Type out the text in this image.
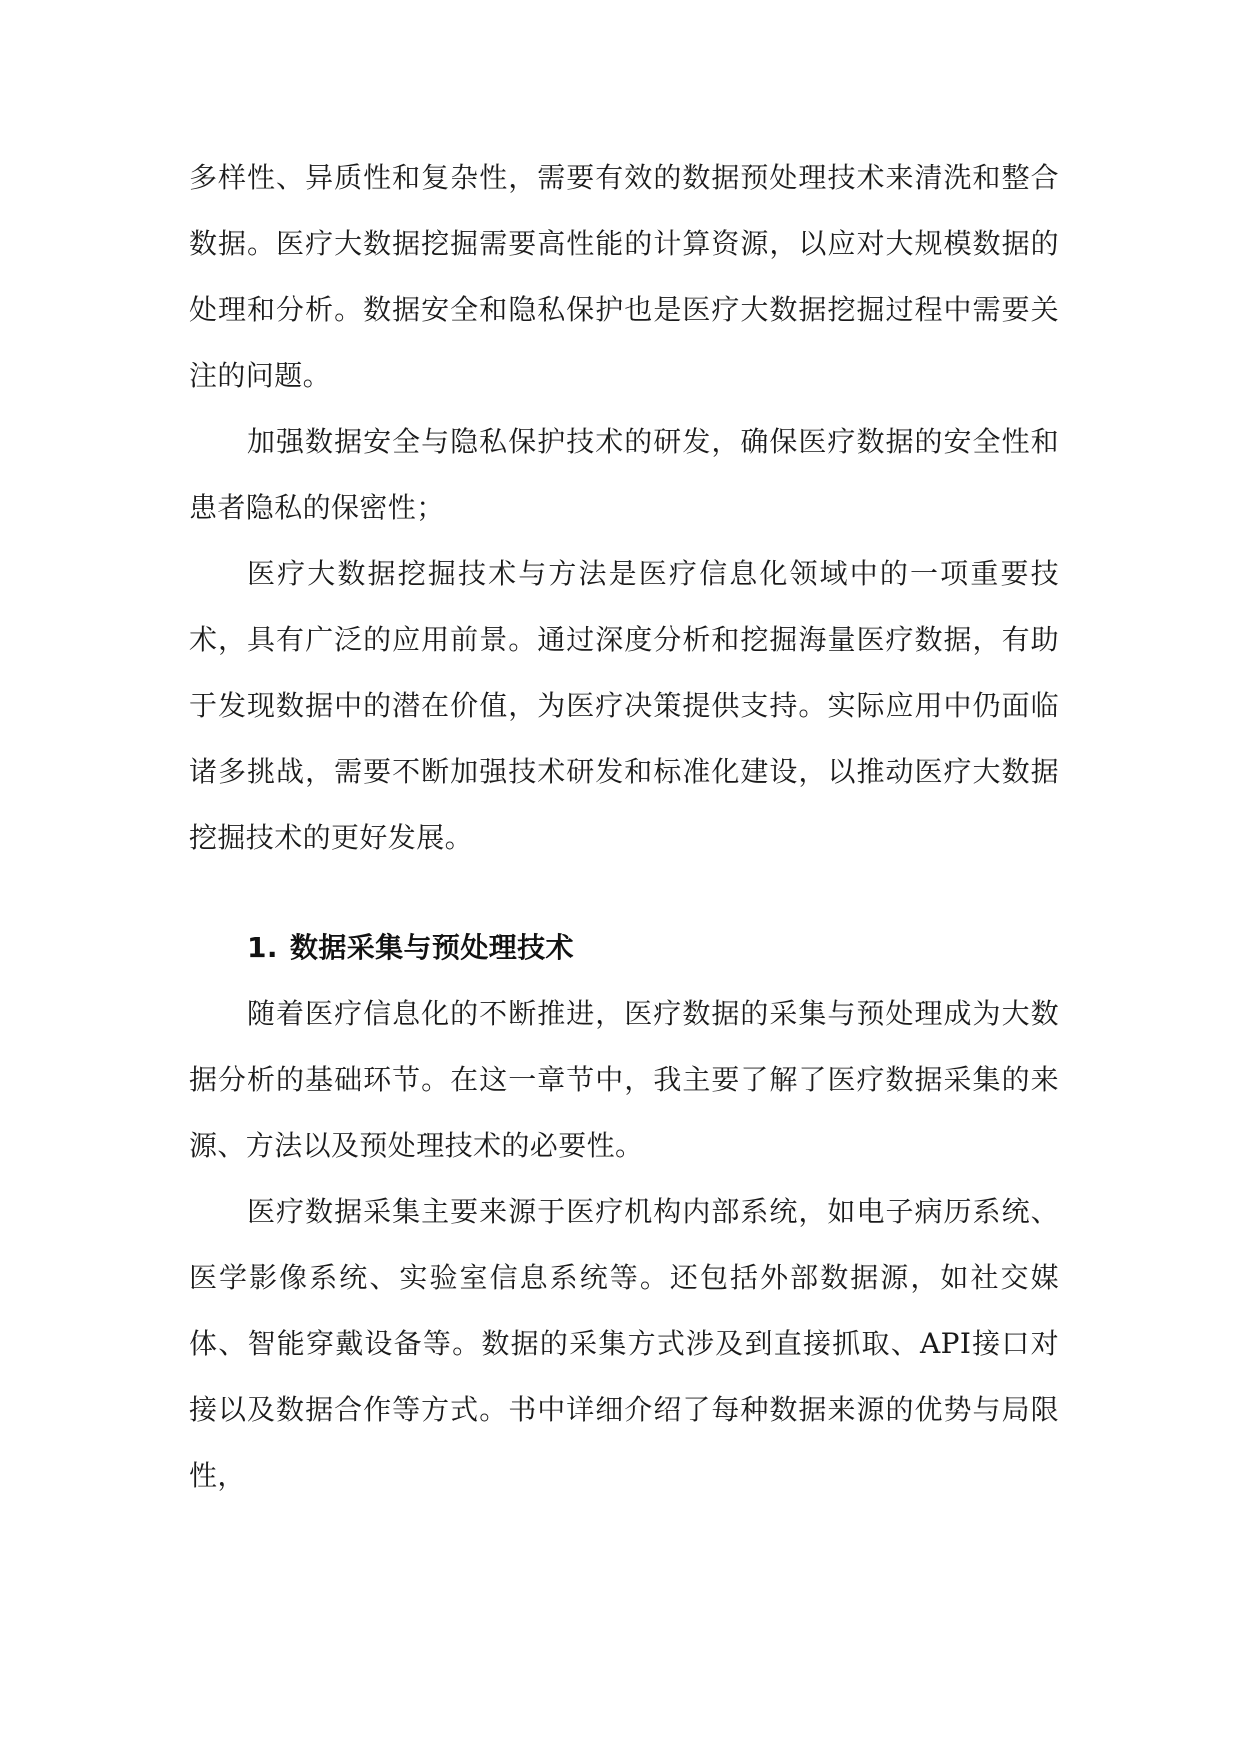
多样性、异质性和复杂性，需要有效的数据预处理技术来清洗和整合数据。医疗大数据挖掘需要高性能的计算资源，以应对大规模数据的处理和分析。数据安全和隐私保护也是医疗大数据挖掘过程中需要关注的问题。

加强数据安全与隐私保护技术的研发，确保医疗数据的安全性和患者隐私的保密性；

医疗大数据挖掘技术与方法是医疗信息化领域中的一项重要技术，具有广泛的应用前景。通过深度分析和挖掘海量医疗数据，有助于发现数据中的潜在价值，为医疗决策提供支持。实际应用中仍面临诸多挑战，需要不断加强技术研发和标准化建设，以推动医疗大数据挖掘技术的更好发展。

1. 数据采集与预处理技术

随着医疗信息化的不断推进，医疗数据的采集与预处理成为大数据分析的基础环节。在这一章节中，我主要了解了医疗数据采集的来源、方法以及预处理技术的必要性。

医疗数据采集主要来源于医疗机构内部系统，如电子病历系统、医学影像系统、实验室信息系统等。还包括外部数据源，如社交媒体、智能穿戴设备等。数据的采集方式涉及到直接抓取、API接口对接以及数据合作等方式。书中详细介绍了每种数据来源的优势与局限性，
